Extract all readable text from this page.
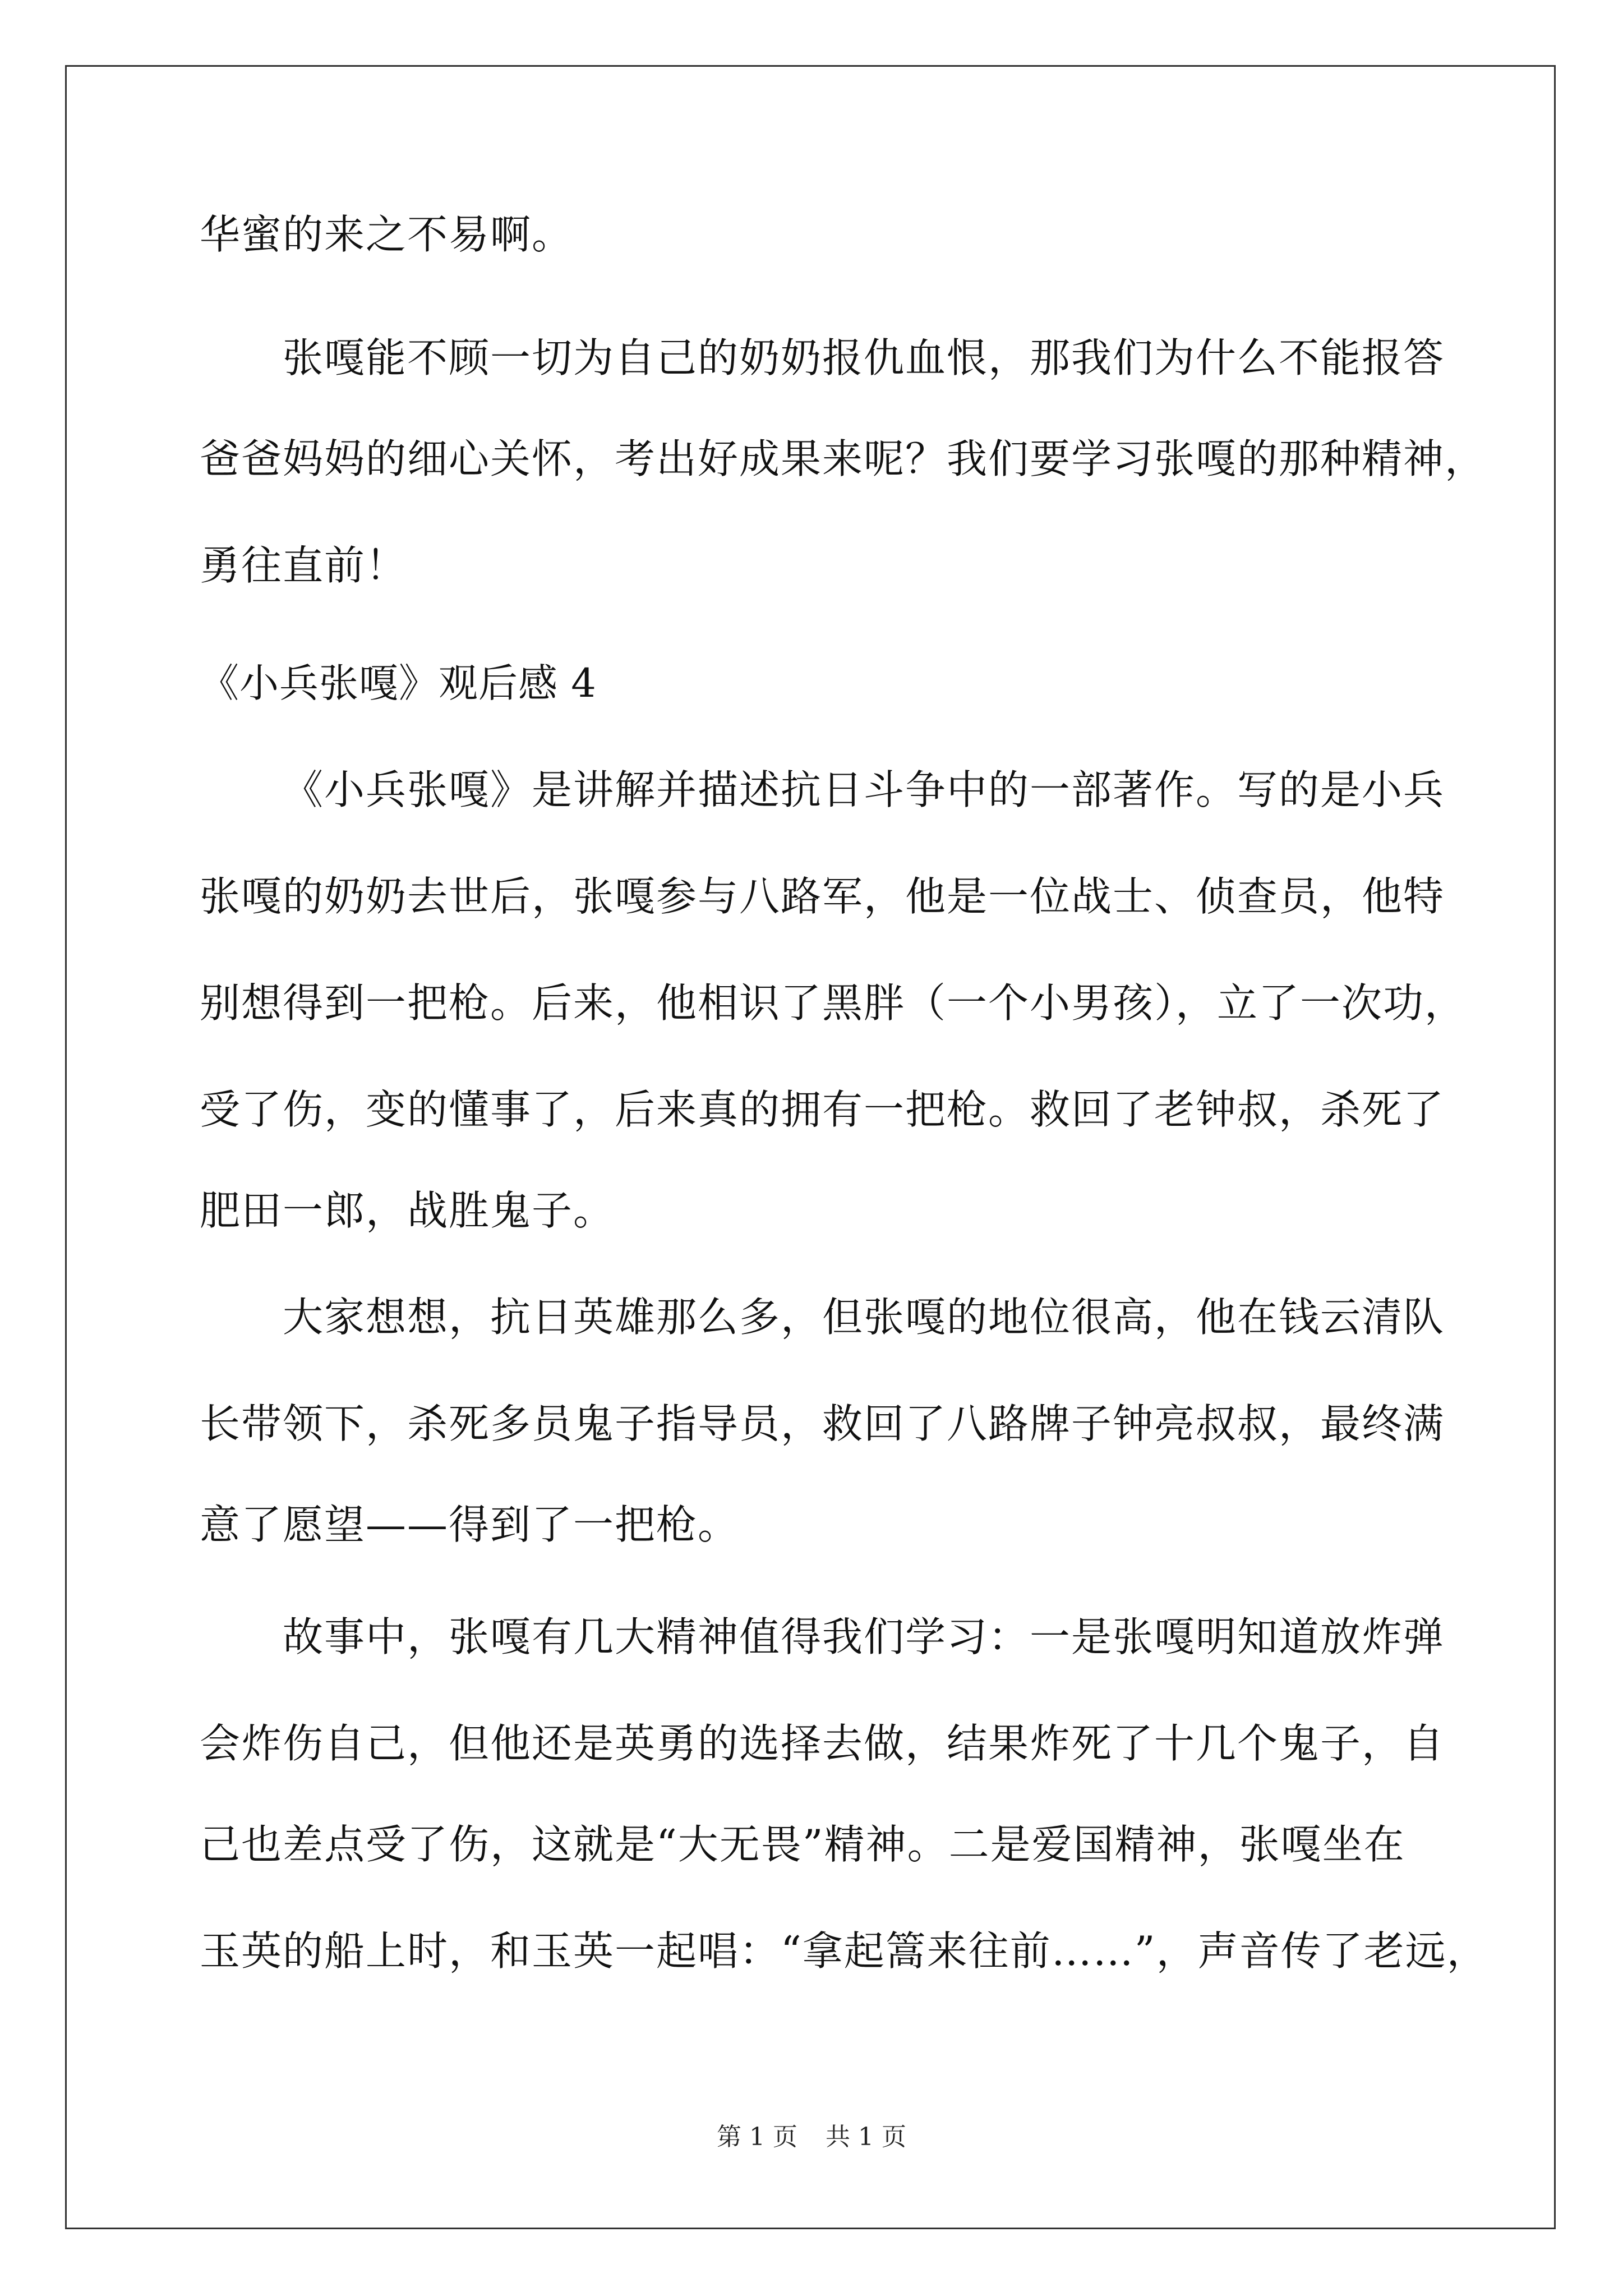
华蜜的来之不易啊。
张嘎能不顾一切为自己的奶奶报仇血恨，那我们为什么不能报答
爸爸妈妈的细心关怀，考出好成果来呢？我们要学习张嘎的那种精神，
勇往直前！
《小兵张嘎》观后感 4
《小兵张嘎》是讲解并描述抗日斗争中的一部著作。写的是小兵
张嘎的奶奶去世后，张嘎参与八路军，他是一位战士、侦查员，他特
别想得到一把枪。后来，他相识了黑胖（一个小男孩），立了一次功，
受了伤，变的懂事了，后来真的拥有一把枪。救回了老钟叔，杀死了
肥田一郎，战胜鬼子。
大家想想，抗日英雄那么多，但张嘎的地位很高，他在钱云清队
长带领下，杀死多员鬼子指导员，救回了八路牌子钟亮叔叔，最终满
意了愿望——得到了一把枪。
故事中，张嘎有几大精神值得我们学习：一是张嘎明知道放炸弹
会炸伤自己，但他还是英勇的选择去做，结果炸死了十几个鬼子，自
己也差点受了伤，这就是“大无畏”精神。二是爱国精神，张嘎坐在
玉英的船上时，和玉英一起唱：“拿起篙来往前……”，声音传了老远，
第 1 页 共 1 页
